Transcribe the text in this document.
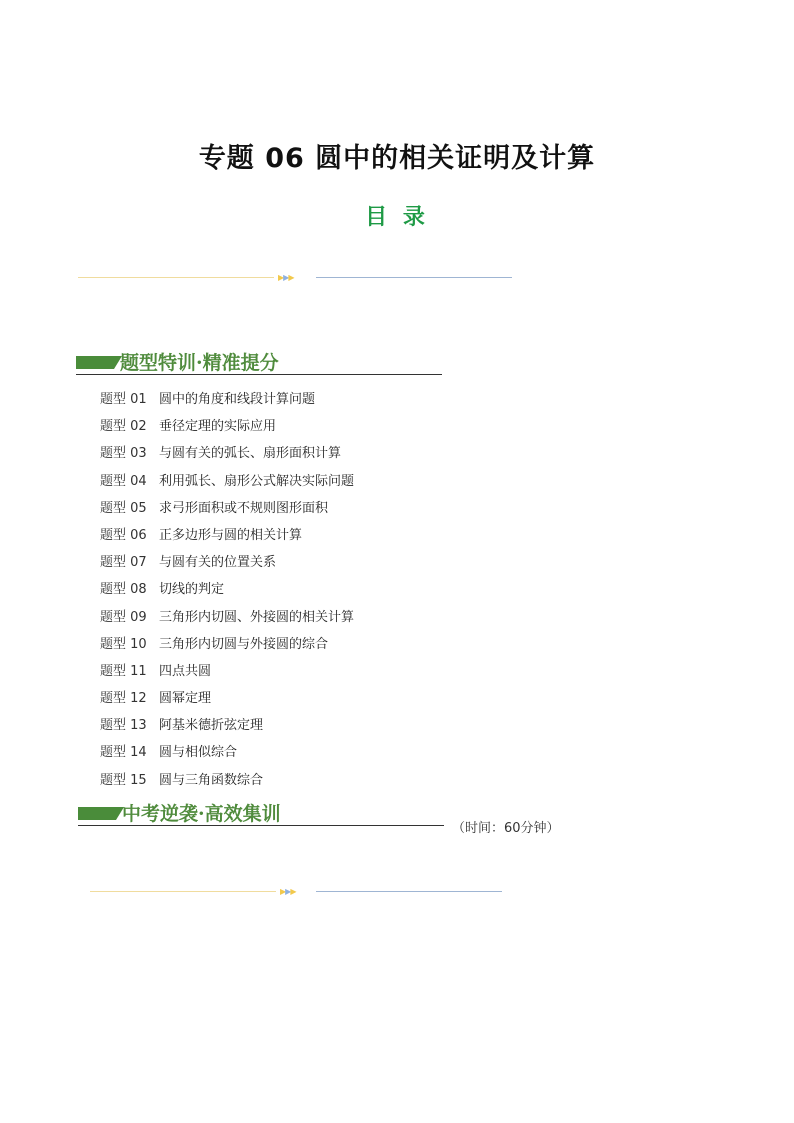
专题 06 圆中的相关证明及计算
目 录
▶▶▶
题型特训·精准提分
题型 01 圆中的角度和线段计算问题
题型 02 垂径定理的实际应用
题型 03 与圆有关的弧长、扇形面积计算
题型 04 利用弧长、扇形公式解决实际问题
题型 05 求弓形面积或不规则图形面积
题型 06 正多边形与圆的相关计算
题型 07 与圆有关的位置关系
题型 08 切线的判定
题型 09 三角形内切圆、外接圆的相关计算
题型 10 三角形内切圆与外接圆的综合
题型 11 四点共圆
题型 12 圆幂定理
题型 13 阿基米德折弦定理
题型 14 圆与相似综合
题型 15 圆与三角函数综合
中考逆袭·高效集训
（时间：60分钟）
▶▶▶
